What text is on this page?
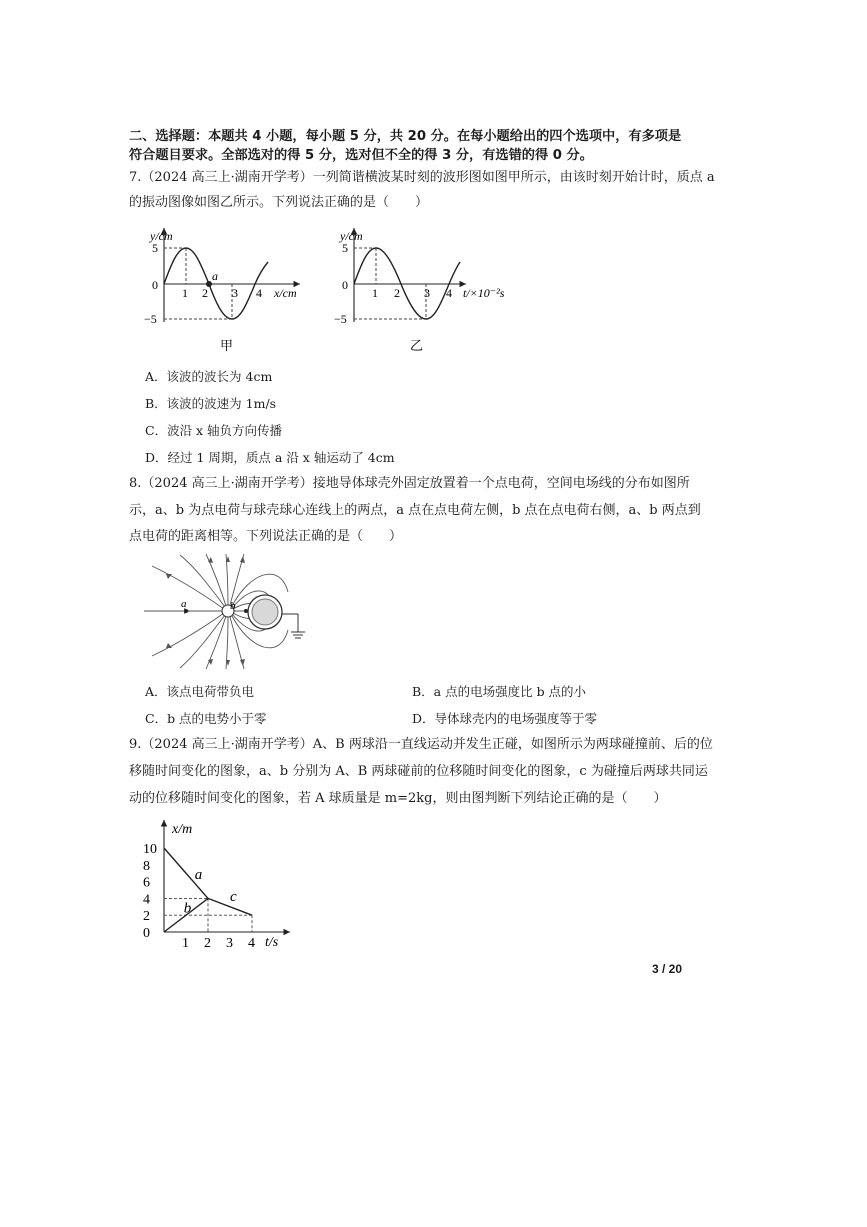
二、选择题：本题共 4 小题，每小题 5 分，共 20 分。在每小题给出的四个选项中，有多项是
符合题目要求。全部选对的得 5 分，选对但不全的得 3 分，有选错的得 0 分。
7.（2024 高三上·湖南开学考）一列简谐横波某时刻的波形图如图甲所示，由该时刻开始计时，质点 a
的振动图像如图乙所示。下列说法正确的是（　　）
y/cm
5
0
−5
1 2 3 4
a
x/cm
甲
y/cm
5
0
−5
1 2 3 4 t/×10⁻²s
乙
A．该波的波长为 4cm
B．该波的波速为 1m/s
C．波沿 x 轴负方向传播
D．经过 1 周期，质点 a 沿 x 轴运动了 4cm
8.（2024 高三上·湖南开学考）接地导体球壳外固定放置着一个点电荷，空间电场线的分布如图所
示，a、b 为点电荷与球壳球心连线上的两点，a 点在点电荷左侧，b 点在点电荷右侧，a、b 两点到
点电荷的距离相等。下列说法正确的是（　　）
a	b
A．该点电荷带负电	B．a 点的电场强度比 b 点的小
C．b 点的电势小于零	D．导体球壳内的电场强度等于零
9.（2024 高三上·湖南开学考）A、B 两球沿一直线运动并发生正碰，如图所示为两球碰撞前、后的位
移随时间变化的图象，a、b 分别为 A、B 两球碰前的位移随时间变化的图象，c 为碰撞后两球共同运
动的位移随时间变化的图象，若 A 球质量是 m=2kg，则由图判断下列结论正确的是（　　）
a
b
c
10
8
6
4
2
0
1 2 3 4
x/m
t/s
3 / 20
